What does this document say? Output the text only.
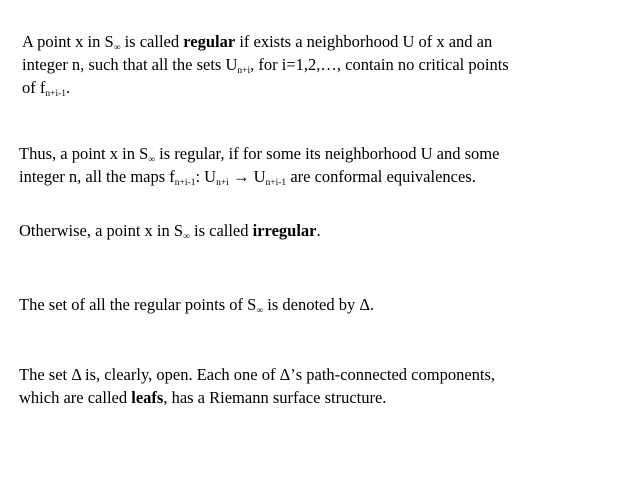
A point x in $S_\infty$ is called regular if exists a neighborhood U of x and an
integer n, such that all the sets $U_{n+i}$, for i=1,2,…, contain no critical points
of $f_{n+i-1}$.
Thus, a point x in $S_\infty$ is regular, if for some its neighborhood U and some
integer n, all the maps $f_{n+i-1}$: $U_{n+i} \to U_{n+i-1}$ are conformal equivalences.
Otherwise, a point x in $S_\infty$ is called irregular.
The set of all the regular points of $S_\infty$ is denoted by Δ.
The set Δ is, clearly, open. Each one of Δ’s path-connected components,
which are called leafs, has a Riemann surface structure.
